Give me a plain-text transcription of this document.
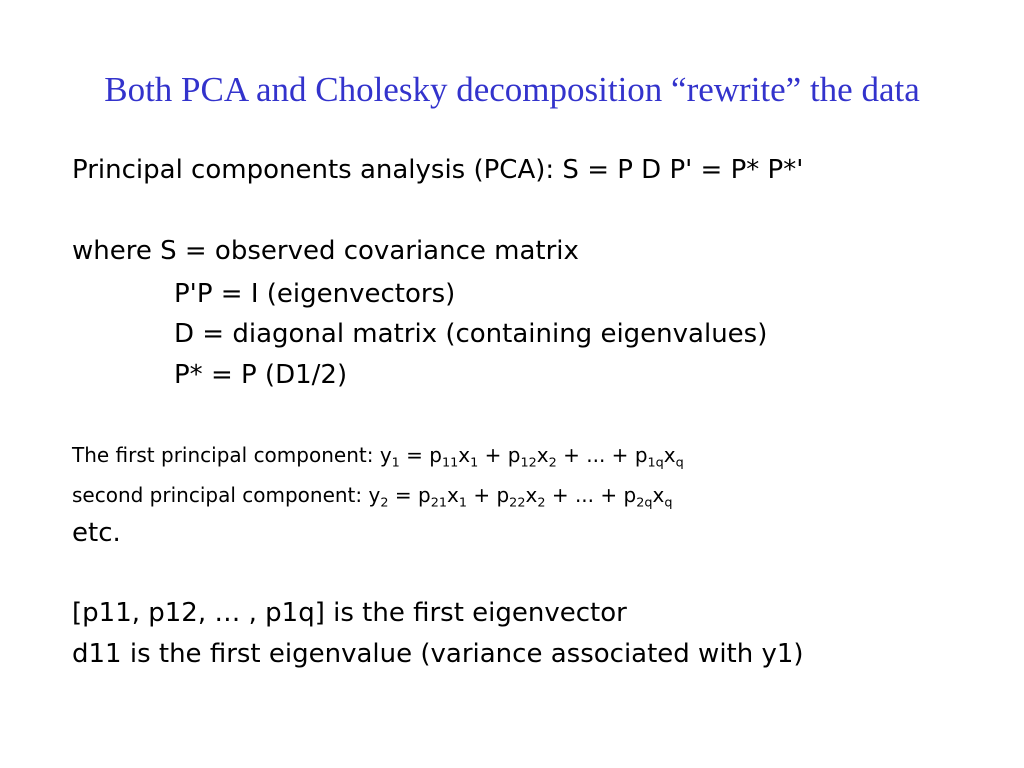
Both PCA and Cholesky decomposition “rewrite” the data
Principal components analysis (PCA): S = P D P' = P* P*'
where S = observed covariance matrix
P'P = I (eigenvectors)
D = diagonal matrix (containing eigenvalues)
P* = P (D1/2)
The first principal component: $y_1 = p_{11}x_1 + p_{12}x_2$ + ... + $p_{1q}x_q$
second principal component: $y_2 = p_{21}x_1 + p_{22}x_2$ + ... + $p_{2q}x_q$
etc.
[p11, p12, … , p1q] is the first eigenvector
d11 is the first eigenvalue (variance associated with y1)
